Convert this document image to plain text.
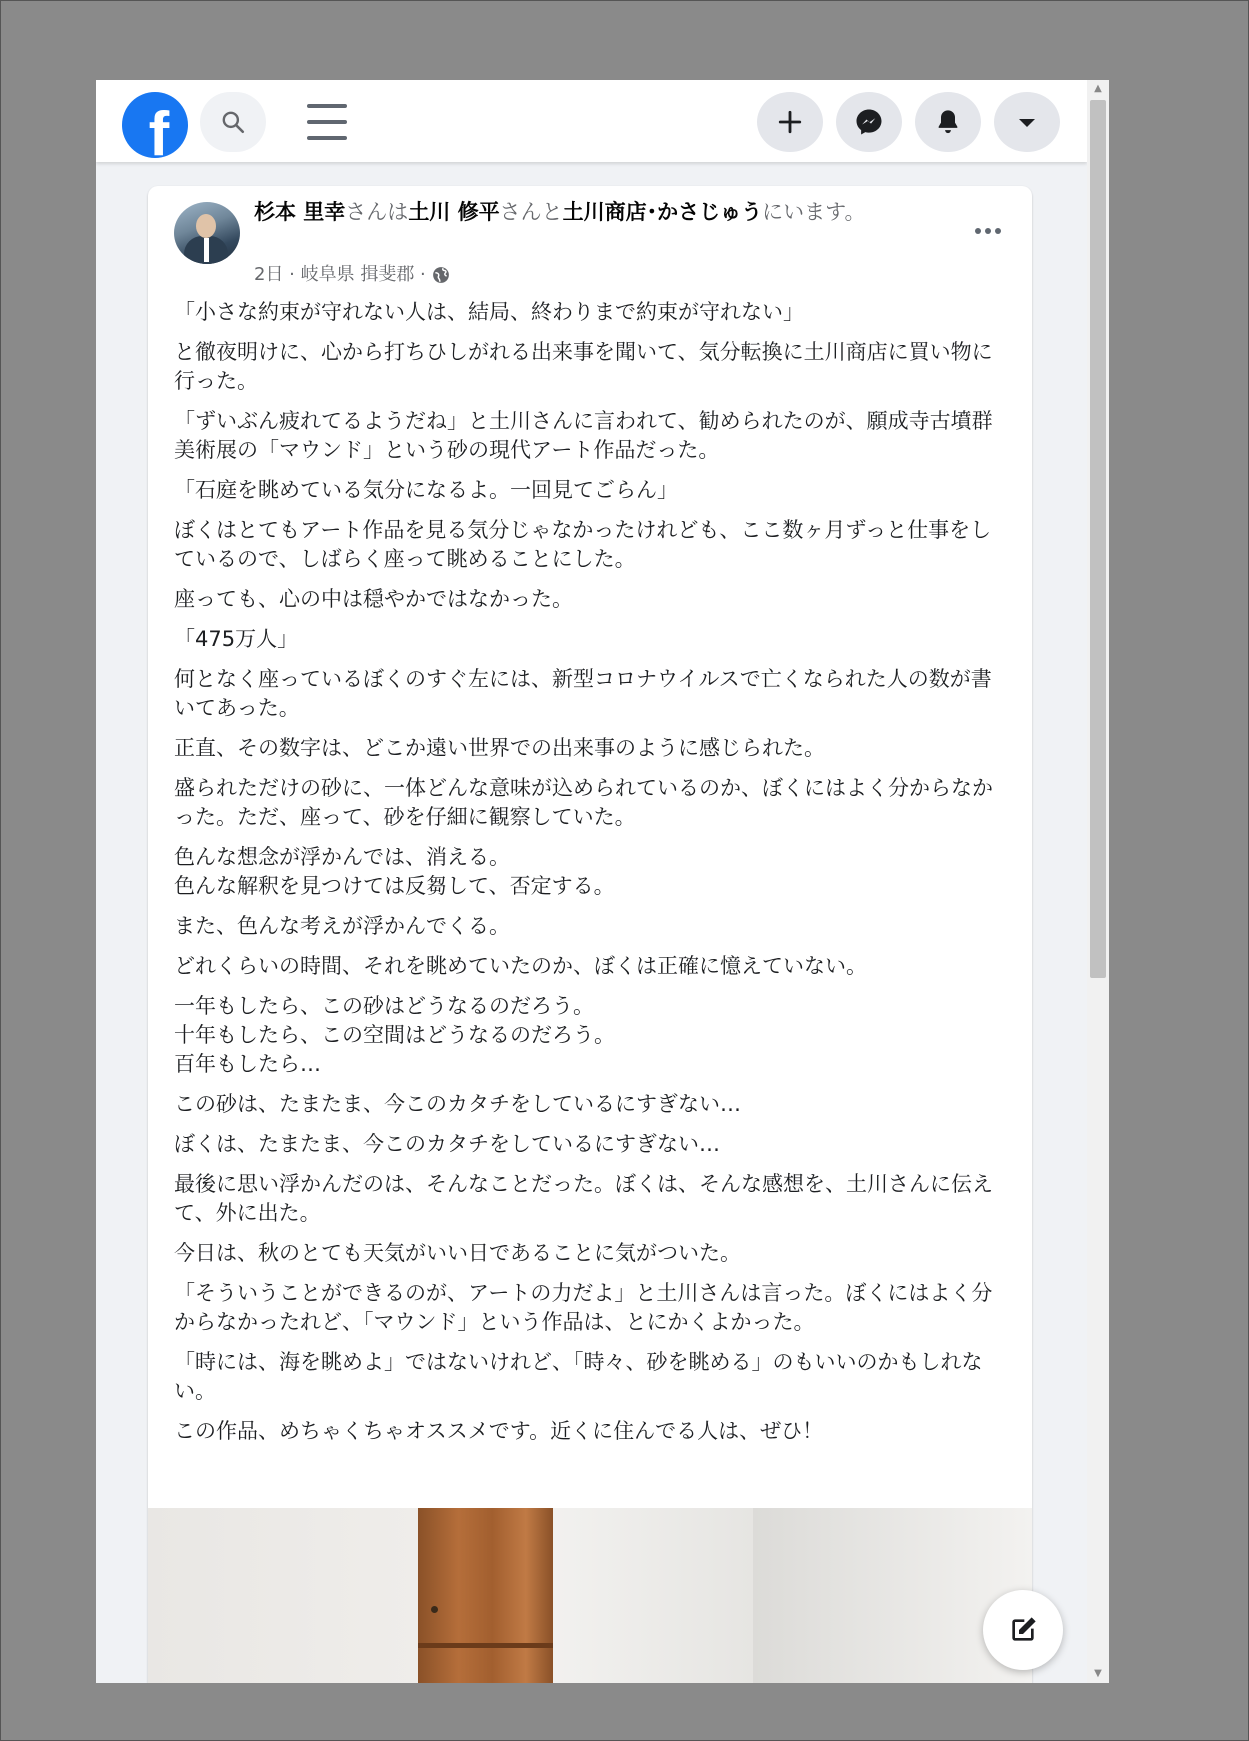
f
▲
▼
杉本 里幸さんは土川 修平さんと土川商店･かさじゅうにいます。
2日 · 岐阜県 揖斐郡 ·

「小さな約束が守れない人は、結局、終わりまで約束が守れない」

と徹夜明けに、心から打ちひしがれる出来事を聞いて、気分転換に土川商店に買い物に行った。

「ずいぶん疲れてるようだね」と土川さんに言われて、勧められたのが、願成寺古墳群美術展の「マウンド」という砂の現代アート作品だった。

「石庭を眺めている気分になるよ。一回見てごらん」

ぼくはとてもアート作品を見る気分じゃなかったけれども、ここ数ヶ月ずっと仕事をしているので、しばらく座って眺めることにした。

座っても、心の中は穏やかではなかった。

「475万人」

何となく座っているぼくのすぐ左には、新型コロナウイルスで亡くなられた人の数が書いてあった。

正直、その数字は、どこか遠い世界での出来事のように感じられた。

盛られただけの砂に、一体どんな意味が込められているのか、ぼくにはよく分からなかった。ただ、座って、砂を仔細に観察していた。

色んな想念が浮かんでは、消える。
色んな解釈を見つけては反芻して、否定する。

また、色んな考えが浮かんでくる。

どれくらいの時間、それを眺めていたのか、ぼくは正確に憶えていない。

一年もしたら、この砂はどうなるのだろう。
十年もしたら、この空間はどうなるのだろう。
百年もしたら…

この砂は、たまたま、今このカタチをしているにすぎない…

ぼくは、たまたま、今このカタチをしているにすぎない…

最後に思い浮かんだのは、そんなことだった。ぼくは、そんな感想を、土川さんに伝えて、外に出た。

今日は、秋のとても天気がいい日であることに気がついた。

「そういうことができるのが、アートの力だよ」と土川さんは言った。ぼくにはよく分からなかったれど、「マウンド」という作品は、とにかくよかった。

「時には、海を眺めよ」ではないけれど、「時々、砂を眺める」のもいいのかもしれない。

この作品、めちゃくちゃオススメです。近くに住んでる人は、ぜひ！
